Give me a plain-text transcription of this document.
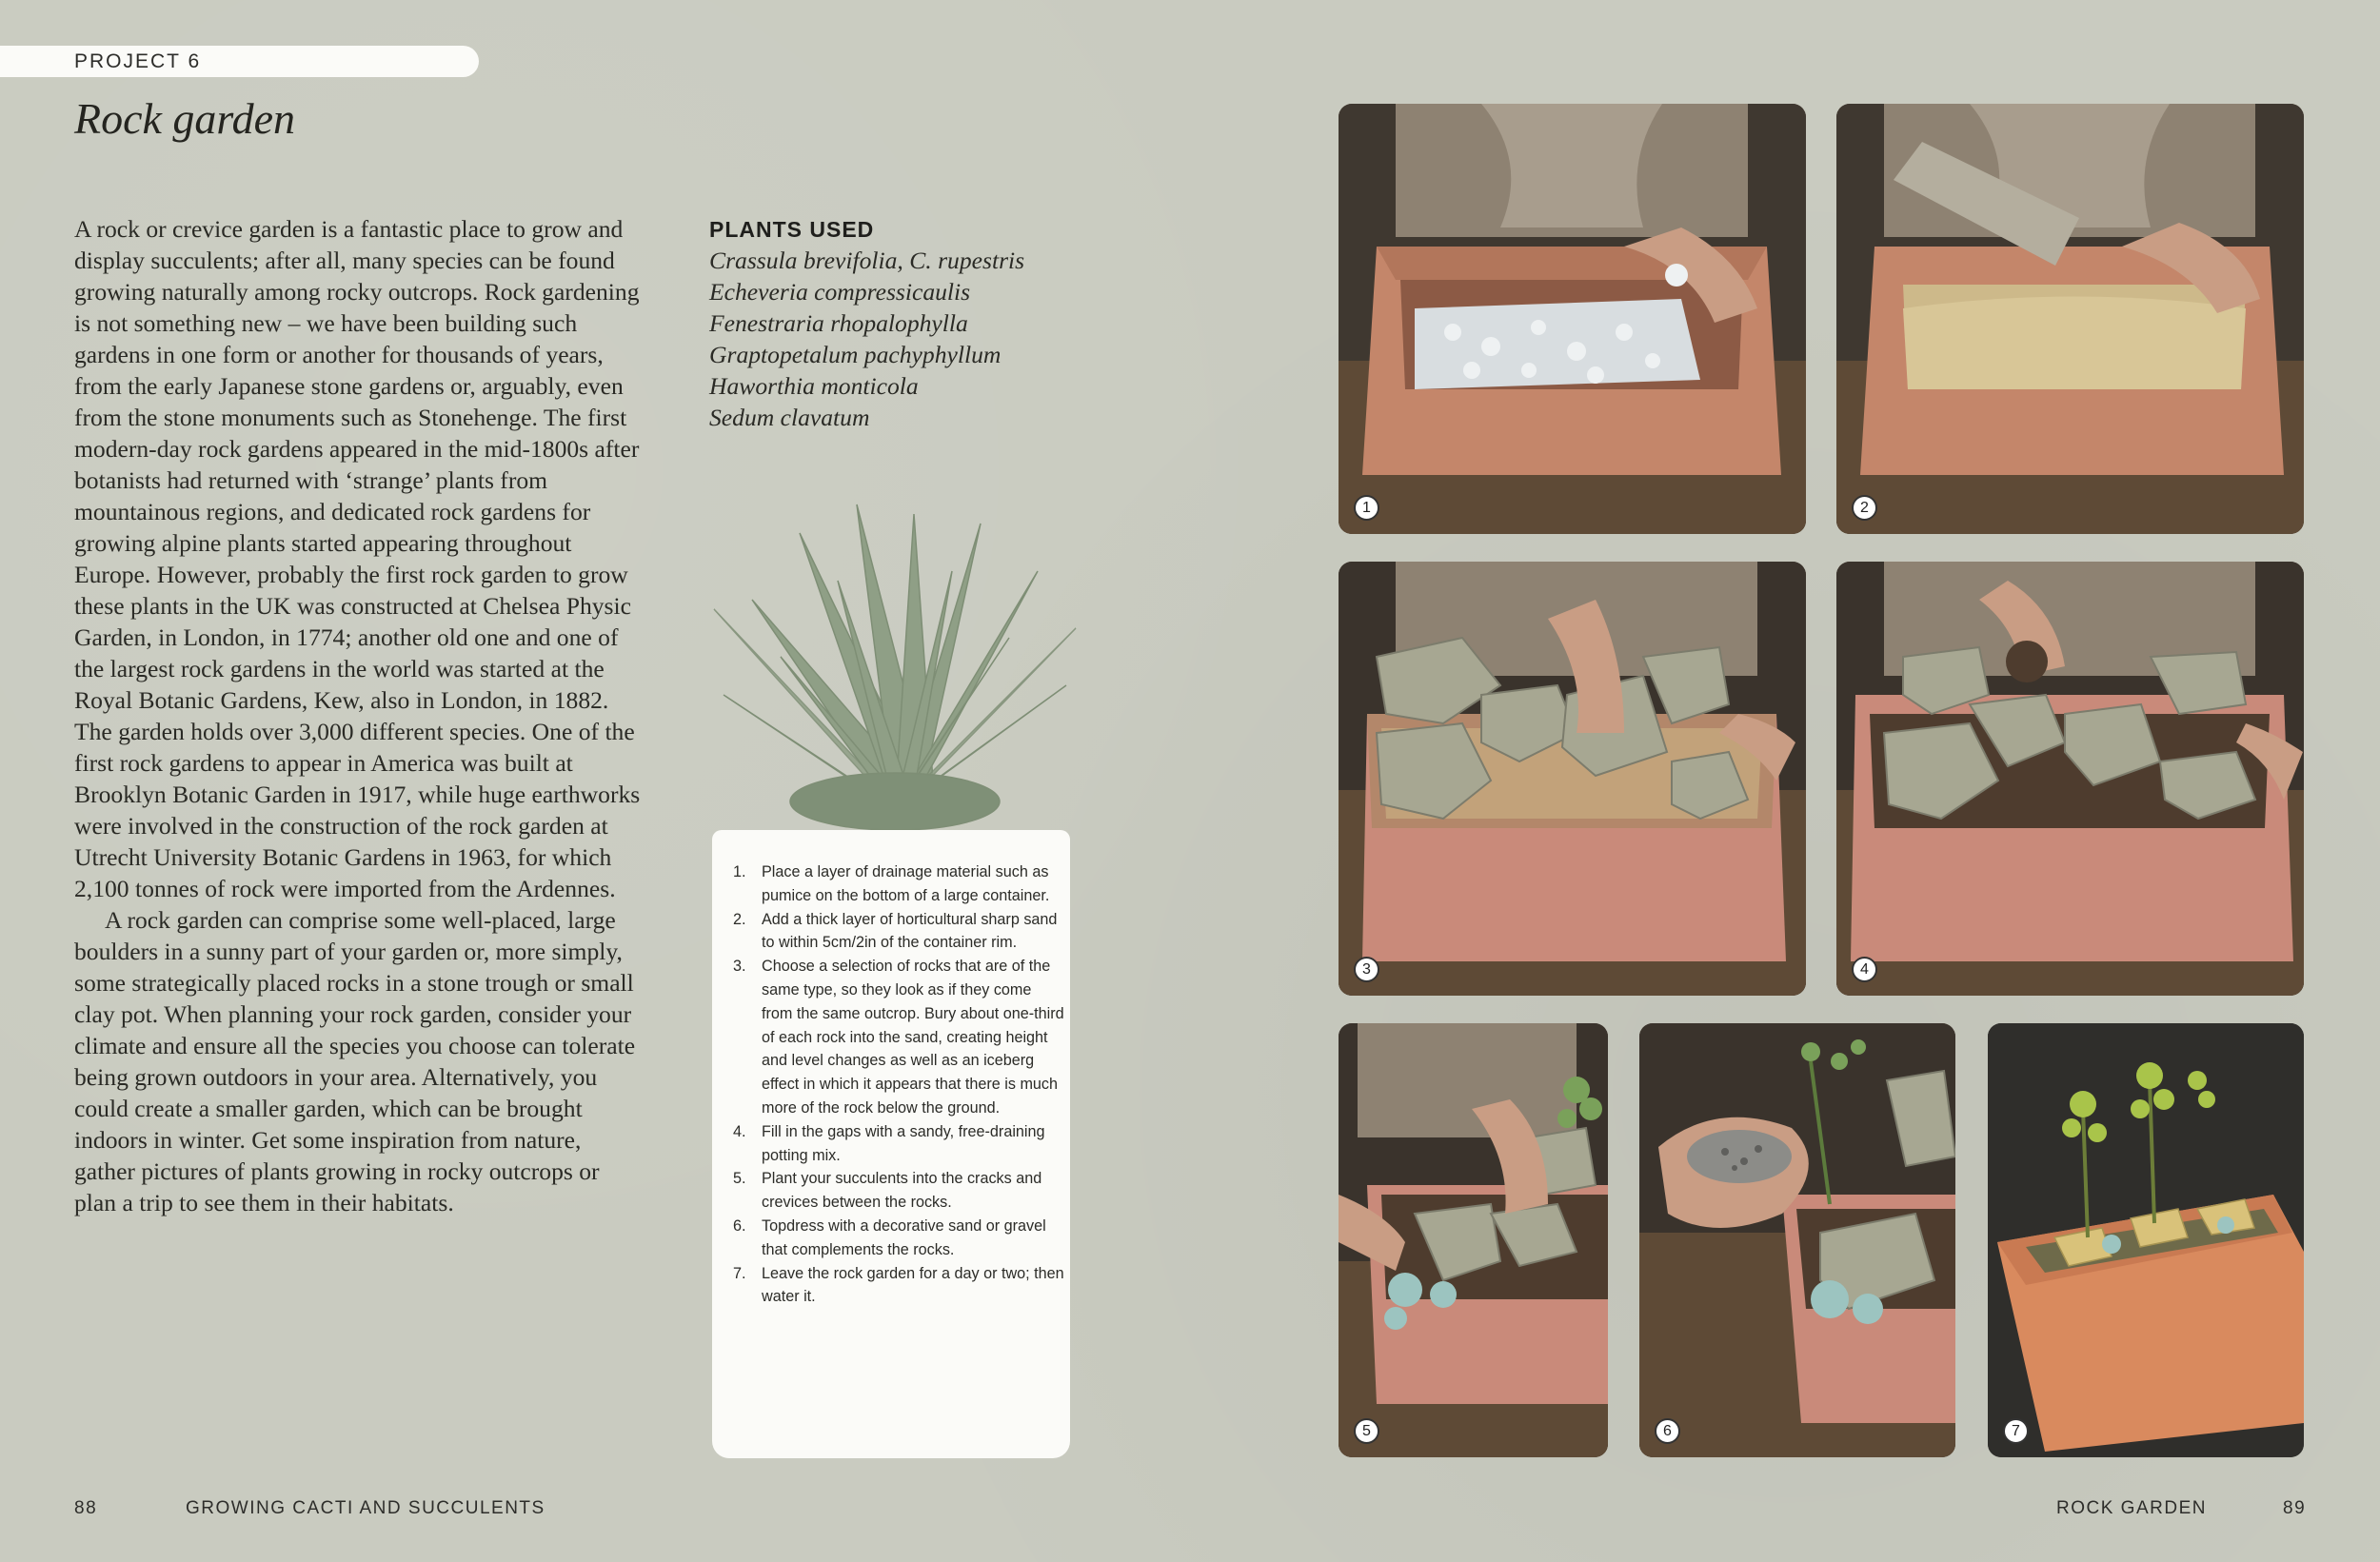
PROJECT 6
Rock garden

A rock or crevice garden is a fantastic place to grow and display succulents; after all, many species can be found growing naturally among rocky outcrops. Rock gardening is not something new – we have been building such gardens in one form or another for thousands of years, from the early Japanese stone gardens or, arguably, even from the stone monuments such as Stonehenge. The first modern-day rock gardens appeared in the mid-1800s after botanists had returned with ‘strange’ plants from mountainous regions, and dedicated rock gardens for growing alpine plants started appearing throughout Europe. However, probably the first rock garden to grow these plants in the UK was constructed at Chelsea Physic Garden, in London, in 1774; another old one and one of the largest rock gardens in the world was started at the Royal Botanic Gardens, Kew, also in London, in 1882. The garden holds over 3,000 different species. One of the first rock gardens to appear in America was built at Brooklyn Botanic Garden in 1917, while huge earthworks were involved in the construction of the rock garden at Utrecht University Botanic Gardens in 1963, for which 2,100 tonnes of rock were imported from the Ardennes.

A rock garden can comprise some well-placed, large boulders in a sunny part of your garden or, more simply, some strategically placed rocks in a stone trough or small clay pot. When planning your rock garden, consider your climate and ensure all the species you choose can tolerate being grown outdoors in your area. Alternatively, you could create a smaller garden, which can be brought indoors in winter. Get some inspiration from nature, gather pictures of plants growing in rocky outcrops or plan a trip to see them in their habitats.

PLANTS USED
Crassula brevifolia, C. rupestris
Echeveria compressicaulis
Fenestraria rhopalophylla
Graptopetalum pachyphyllum
Haworthia monticola
Sedum clavatum
1. Place a layer of drainage material such as pumice on the bottom of a large container.
2. Add a thick layer of horticultural sharp sand to within 5cm/2in of the container rim.
3. Choose a selection of rocks that are of the same type, so they look as if they come from the same outcrop. Bury about one-third of each rock into the sand, creating height and level changes as well as an iceberg effect in which it appears that there is much more of the rock below the ground.
4. Fill in the gaps with a sandy, free-draining potting mix.
5. Plant your succulents into the cracks and crevices between the rocks.
6. Topdress with a decorative sand or gravel that complements the rocks.
7. Leave the rock garden for a day or two; then water it.
1	2
3	4
5	6	7
88	GROWING CACTI AND SUCCULENTS	ROCK GARDEN	89
